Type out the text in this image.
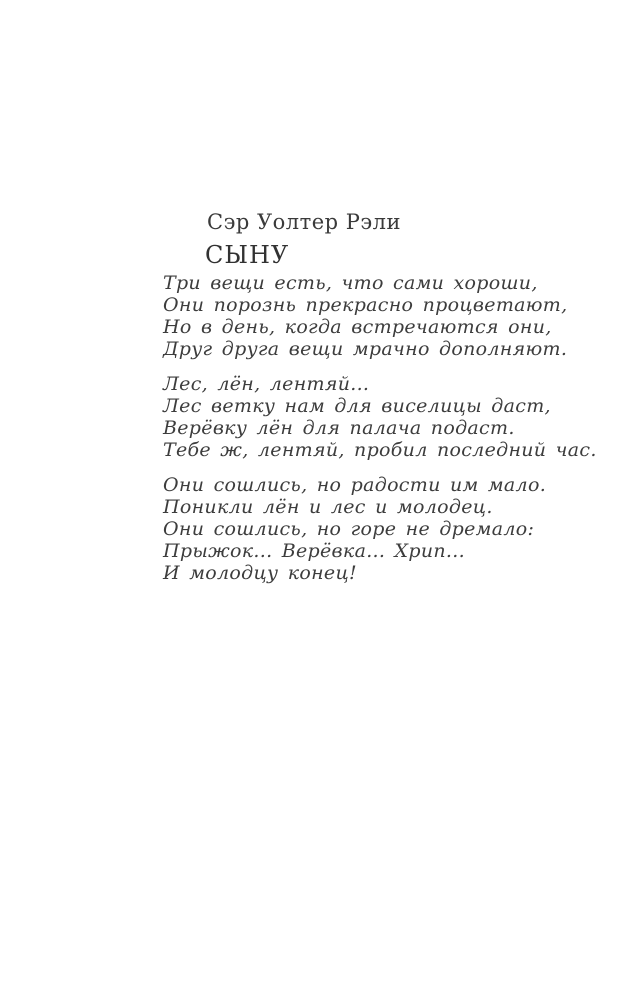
Сэр Уолтер Рэли
СЫНУ
Три вещи есть, что сами хороши,
Они порознь прекрасно процветают,
Но в день, когда встречаются они,
Друг друга вещи мрачно дополняют.
Лес, лён, лентяй...
Лес ветку нам для виселицы даст,
Верёвку лён для палача подаст.
Тебе ж, лентяй, пробил последний час.
Они сошлись, но радости им мало.
Поникли лён и лес и молодец.
Они сошлись, но горе не дремало:
Прыжок... Верёвка... Хрип...
И молодцу конец!
